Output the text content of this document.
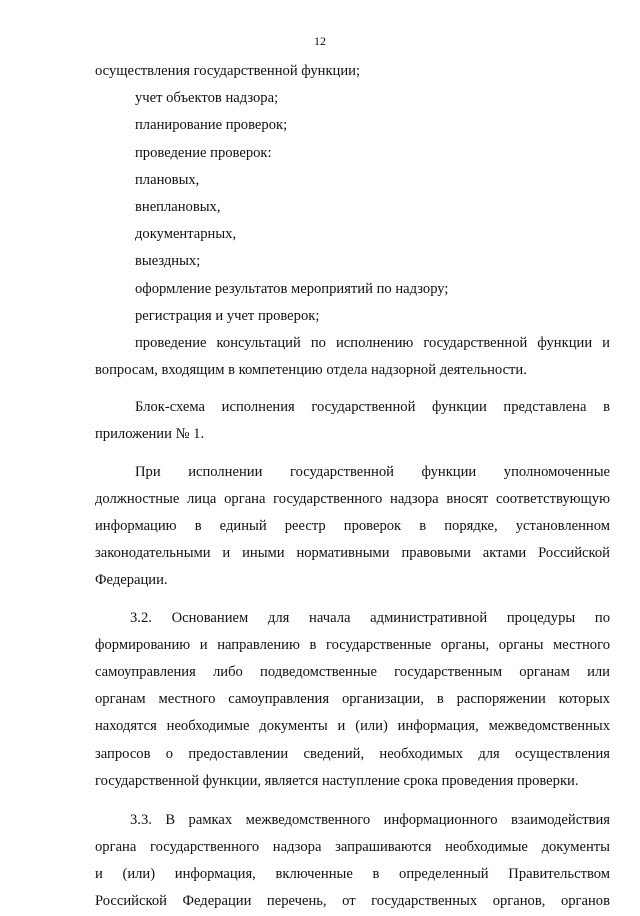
12
осуществления государственной функции;
учет объектов надзора;
планирование проверок;
проведение проверок:
плановых,
внеплановых,
документарных,
выездных;
оформление результатов мероприятий по надзору;
регистрация и учет проверок;
проведение консультаций по исполнению государственной функции и
вопросам, входящим в компетенцию отдела надзорной деятельности.
Блок-схема исполнения государственной функции представлена в
приложении № 1.
При исполнении государственной функции уполномоченные
должностные лица органа государственного надзора вносят соответствующую
информацию в единый реестр проверок в порядке, установленном
законодательными и иными нормативными правовыми актами Российской
Федерации.
3.2. Основанием для начала административной процедуры по
формированию и направлению в государственные органы, органы местного
самоуправления либо подведомственные государственным органам или
органам местного самоуправления организации, в распоряжении которых
находятся необходимые документы и (или) информация, межведомственных
запросов о предоставлении сведений, необходимых для осуществления
государственной функции, является наступление срока проведения проверки.
3.3. В рамках межведомственного информационного взаимодействия
органа государственного надзора запрашиваются необходимые документы
и (или) информация, включенные в определенный Правительством
Российской Федерации перечень, от государственных органов, органов
